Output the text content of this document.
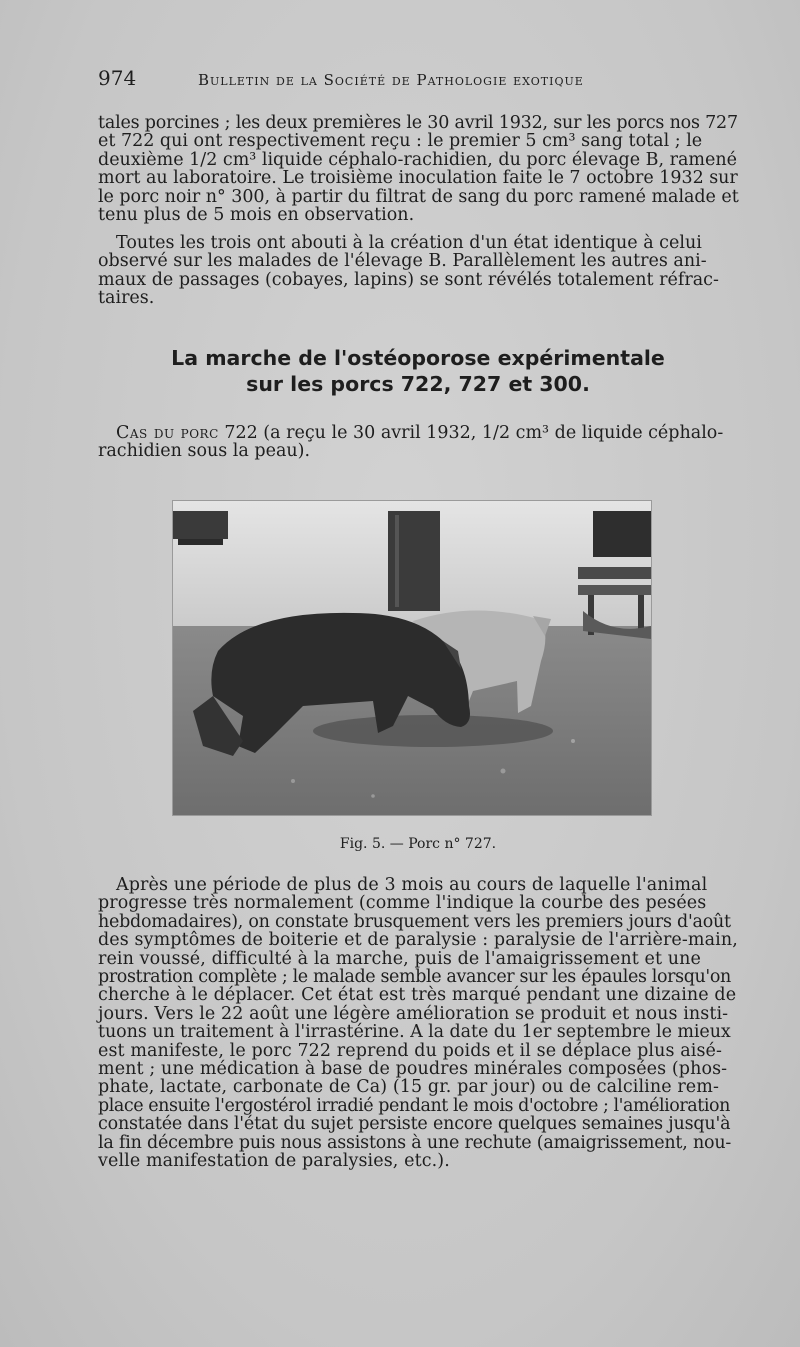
974	Bulletin de la Société de Pathologie exotique

tales porcines ; les deux premières le 30 avril 1932, sur les porcs nos 727
et 722 qui ont respectivement reçu : le premier 5 cm³ sang total ; le
deuxième 1/2 cm³ liquide céphalo-rachidien, du porc élevage B, ramené
mort au laboratoire. Le troisième inoculation faite le 7 octobre 1932 sur
le porc noir n° 300, à partir du filtrat de sang du porc ramené malade et
tenu plus de 5 mois en observation.

Toutes les trois ont abouti à la création d'un état identique à celui
observé sur les malades de l'élevage B. Parallèlement les autres ani-
maux de passages (cobayes, lapins) se sont révélés totalement réfrac-
taires.

La marche de l'ostéoporose expérimentale
sur les porcs 722, 727 et 300.

Cas du porc 722 (a reçu le 30 avril 1932, 1/2 cm³ de liquide céphalo-
rachidien sous la peau).

Fig. 5. — Porc n° 727.

Après une période de plus de 3 mois au cours de laquelle l'animal
progresse très normalement (comme l'indique la courbe des pesées
hebdomadaires), on constate brusquement vers les premiers jours d'août
des symptômes de boiterie et de paralysie : paralysie de l'arrière-main,
rein voussé, difficulté à la marche, puis de l'amaigrissement et une
prostration complète ; le malade semble avancer sur les épaules lorsqu'on
cherche à le déplacer. Cet état est très marqué pendant une dizaine de
jours. Vers le 22 août une légère amélioration se produit et nous insti-
tuons un traitement à l'irrastérine. A la date du 1er septembre le mieux
est manifeste, le porc 722 reprend du poids et il se déplace plus aisé-
ment ; une médication à base de poudres minérales composées (phos-
phate, lactate, carbonate de Ca) (15 gr. par jour) ou de calciline rem-
place ensuite l'ergostérol irradié pendant le mois d'octobre ; l'amélioration
constatée dans l'état du sujet persiste encore quelques semaines jusqu'à
la fin décembre puis nous assistons à une rechute (amaigrissement, nou-
velle manifestation de paralysies, etc.).
